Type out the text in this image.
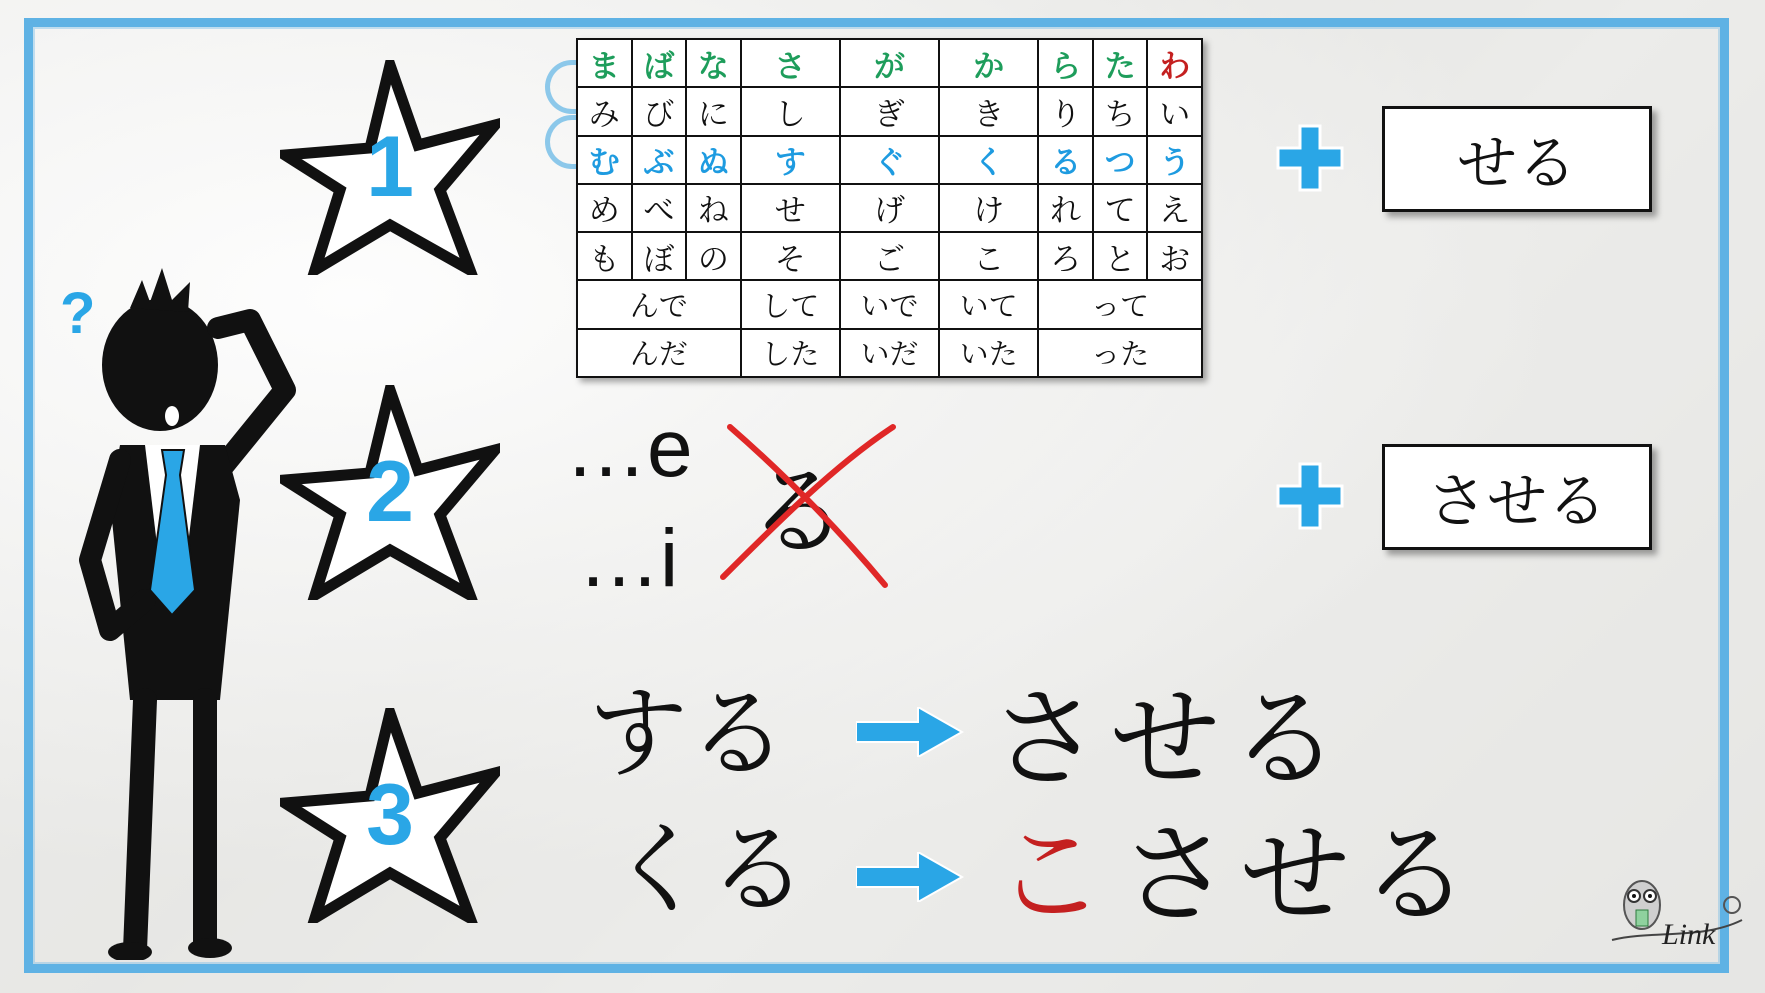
1
2
3
ま	ば	な	さ	が	か	ら	た	わ
み	び	に	し	ぎ	き	り	ち	い
む	ぶ	ぬ	す	ぐ	く	る	つ	う
め	べ	ね	せ	げ	け	れ	て	え
も	ぼ	の	そ	ご	こ	ろ	と	お
んで			して	いで	いて	って		
んだ			した	いだ	いた	った		
せる
…e
…i る	させる
する させる
くる こ させる
?
Link
